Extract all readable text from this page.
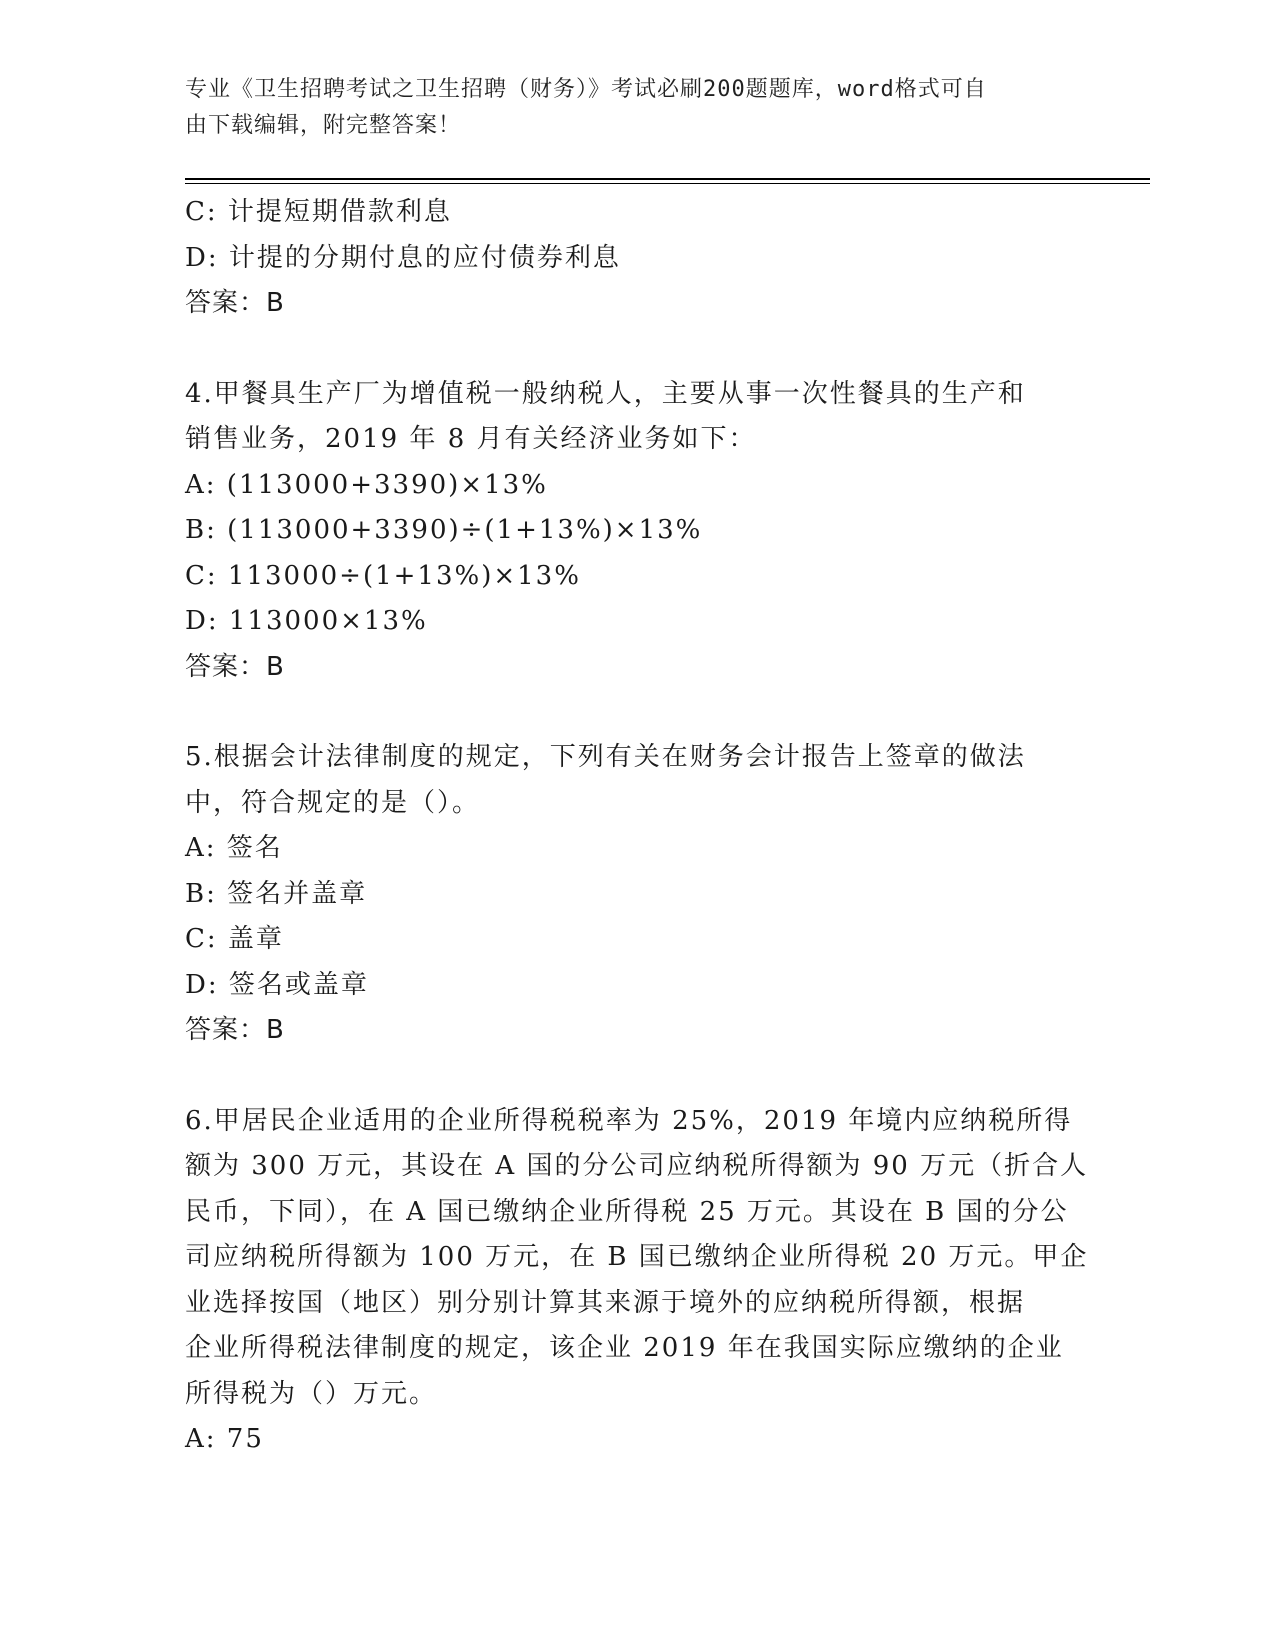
专业《卫生招聘考试之卫生招聘（财务）》考试必刷200题题库，word格式可自
由下载编辑，附完整答案！
C: 计提短期借款利息
D: 计提的分期付息的应付债券利息
答案：B
4.甲餐具生产厂为增值税一般纳税人，主要从事一次性餐具的生产和
销售业务，2019 年 8 月有关经济业务如下：
A: (113000+3390)×13%
B: (113000+3390)÷(1+13%)×13%
C: 113000÷(1+13%)×13%
D: 113000×13%
答案：B
5.根据会计法律制度的规定，下列有关在财务会计报告上签章的做法
中，符合规定的是（）。
A: 签名
B: 签名并盖章
C: 盖章
D: 签名或盖章
答案：B
6.甲居民企业适用的企业所得税税率为 25%，2019 年境内应纳税所得
额为 300 万元，其设在 A 国的分公司应纳税所得额为 90 万元（折合人
民币，下同），在 A 国已缴纳企业所得税 25 万元。其设在 B 国的分公
司应纳税所得额为 100 万元，在 B 国已缴纳企业所得税 20 万元。甲企
业选择按国（地区）别分别计算其来源于境外的应纳税所得额，根据
企业所得税法律制度的规定，该企业 2019 年在我国实际应缴纳的企业
所得税为（）万元。
A: 75
